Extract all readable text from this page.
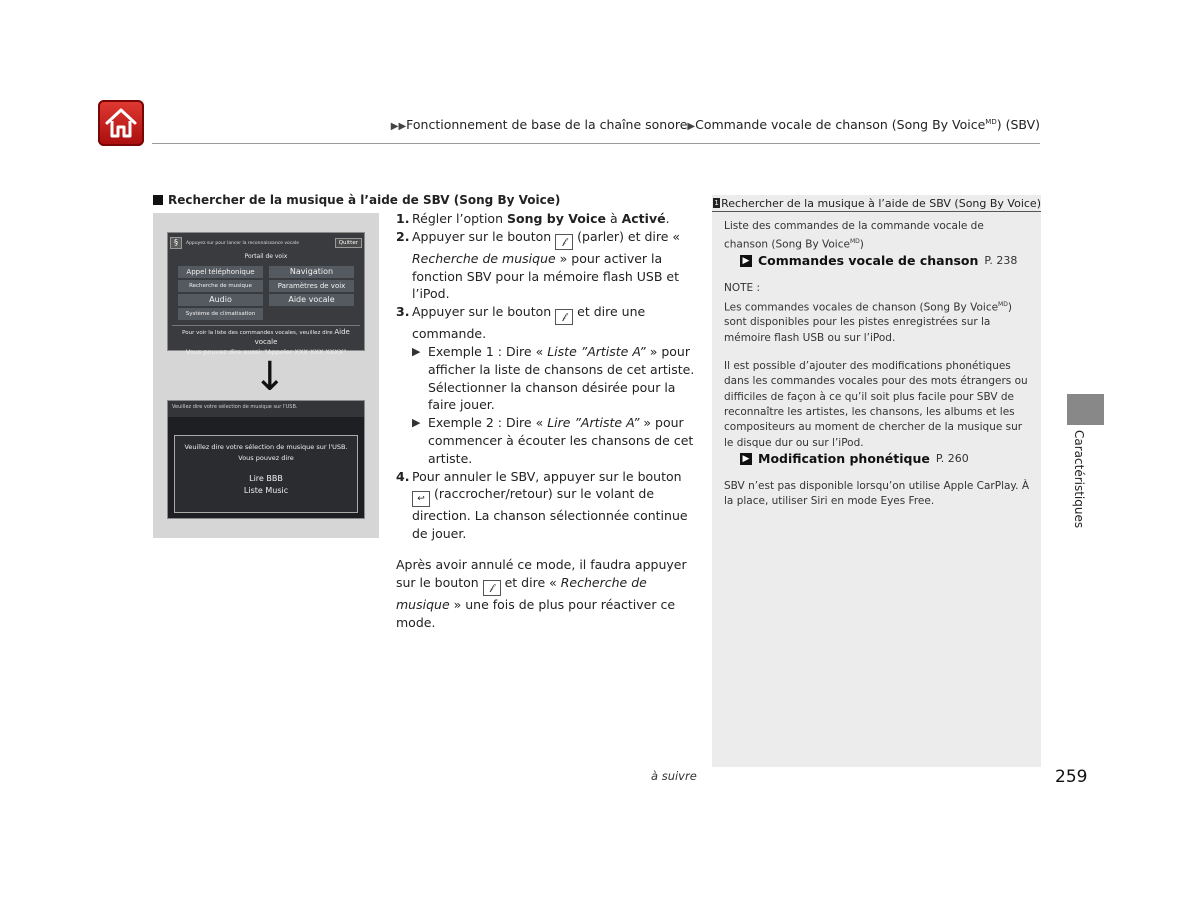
▶▶Fonctionnement de base de la chaîne sonore▶Commande vocale de chanson (Song By Voice$^{MD}$) (SBV)
Rechercher de la musique à l’aide de SBV (Song By Voice)
§	Appuyez sur pour lancer la reconnaissance vocale	Quitter
Portail de voix
Appel téléphonique	Navigation
Recherche de musique	Paramètres de voix
Audio	Aide vocale
Système de climatisation
Pour voir la liste des commandes vocales, veuillez dire Aide vocale
Vous pouvez dire aussi: "Appeler XXX XXX XXXX"
↓
Veuillez dire votre sélection de musique sur l'USB.
Veuillez dire votre sélection de musique sur l'USB.
Vous pouvez dire
Lire BBB
Liste Music
1. Régler l’option Song by Voice à Activé.
2. Appuyer sur le bouton 𝒻 (parler) et dire « Recherche de musique » pour activer la fonction SBV pour la mémoire flash USB et l’iPod.
3. Appuyer sur le bouton 𝒻 et dire une commande.
▶ Exemple 1 : Dire « Liste ”Artiste A” » pour afficher la liste de chansons de cet artiste. Sélectionner la chanson désirée pour la faire jouer.
▶ Exemple 2 : Dire « Lire ”Artiste A” » pour commencer à écouter les chansons de cet artiste.
4. Pour annuler le SBV, appuyer sur le bouton ↩ (raccrocher/retour) sur le volant de direction. La chanson sélectionnée continue de jouer.
Après avoir annulé ce mode, il faudra appuyer sur le bouton 𝒻 et dire « Recherche de musique » une fois de plus pour réactiver ce mode.
1 Rechercher de la musique à l’aide de SBV (Song By Voice)

Liste des commandes de la commande vocale de chanson (Song By Voice$^{MD}$)

▶ Commandes vocale de chanson P. 238

NOTE :

Les commandes vocales de chanson (Song By Voice$^{MD}$) sont disponibles pour les pistes enregistrées sur la mémoire flash USB ou sur l’iPod.

Il est possible d’ajouter des modifications phonétiques dans les commandes vocales pour des mots étrangers ou difficiles de façon à ce qu’il soit plus facile pour SBV de reconnaître les artistes, les chansons, les albums et les compositeurs au moment de chercher de la musique sur le disque dur ou sur l’iPod.

▶ Modification phonétique P. 260

SBV n’est pas disponible lorsqu’on utilise Apple CarPlay. À la place, utiliser Siri en mode Eyes Free.	Caractéristiques
à suivre	259
